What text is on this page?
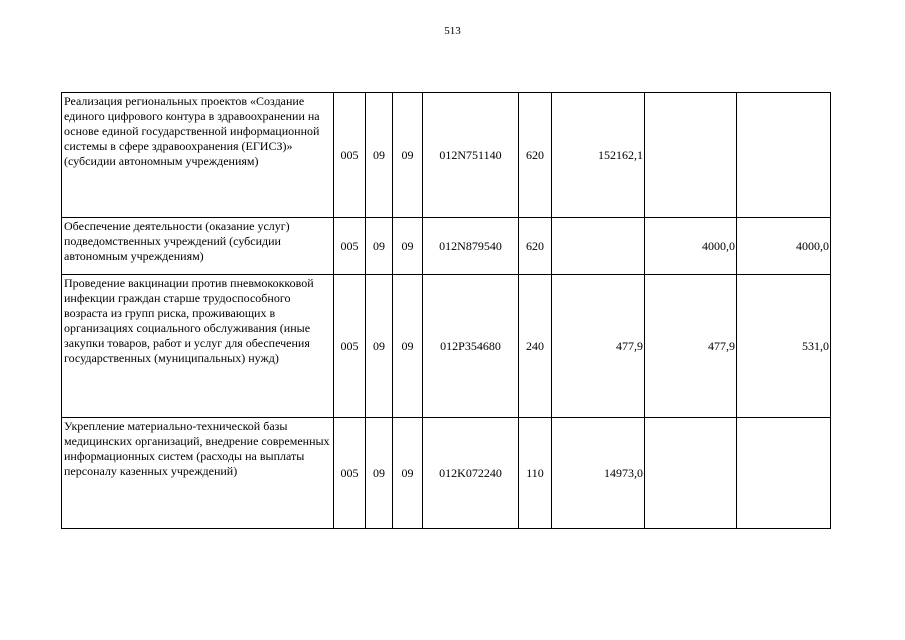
513
Реализация региональных проектов «Создание единого цифрового контура в здравоохранении на основе единой государственной информационной системы в сфере здравоохранения (ЕГИСЗ)» (субсидии автономным учреждениям)	005	09	09	012N751140	620	152162,1		
Обеспечение деятельности (оказание услуг) подведомственных учреждений (субсидии автономным учреждениям)	005	09	09	012N879540	620		4000,0	4000,0
Проведение вакцинации против пневмококковой инфекции граждан старше трудоспособного возраста из групп риска, проживающих в организациях социального обслуживания (иные закупки товаров, работ и услуг для обеспечения государственных (муниципальных) нужд)	005	09	09	012P354680	240	477,9	477,9	531,0
Укрепление материально-технической базы медицинских организаций, внедрение современных информационных систем (расходы на выплаты персоналу казенных учреждений)	005	09	09	012K072240	110	14973,0		
